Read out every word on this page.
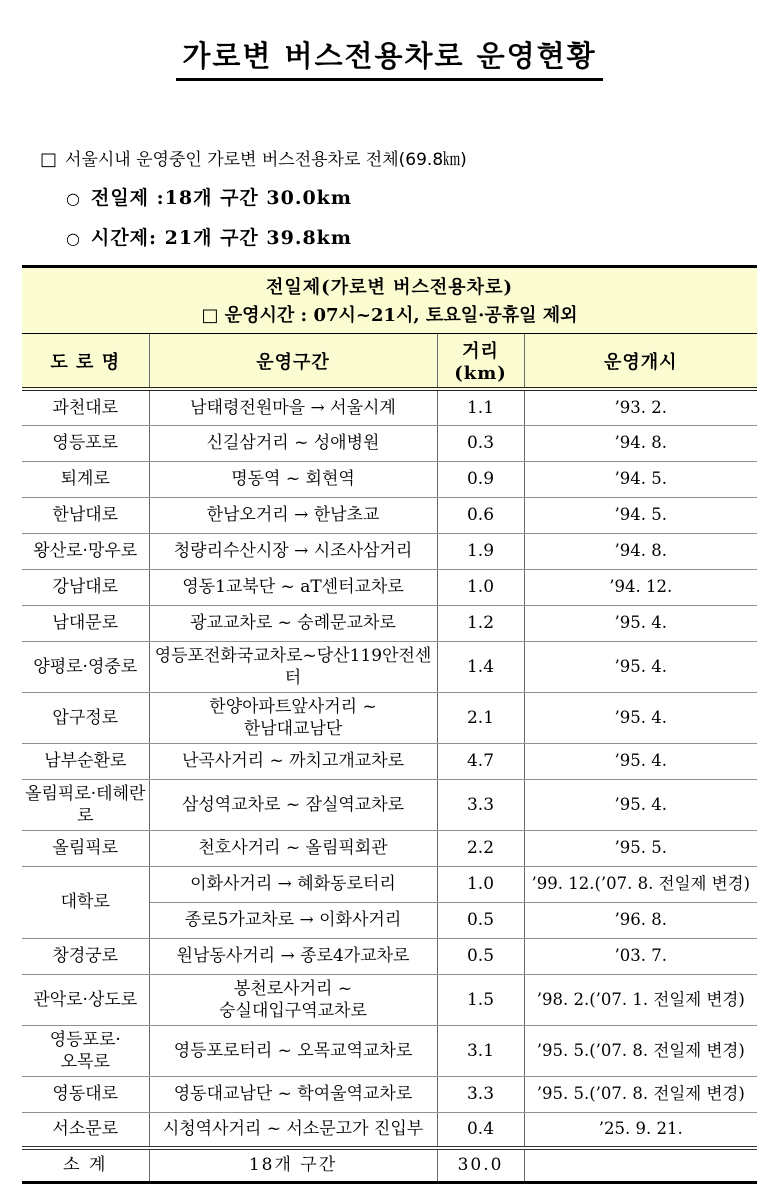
가로변 버스전용차로 운영현황
□ 서울시내 운영중인 가로변 버스전용차로 전체(69.8㎞)
○ 전일제 :18개 구간 30.0km
○ 시간제: 21개 구간 39.8km
전일제(가로변 버스전용차로)
□ 운영시간 : 07시~21시, 토요일·공휴일 제외			

도 로 명	운영구간	거리(km)	운영개시
과천대로	남태령전원마을 → 서울시계	1.1	’93. 2.
영등포로	신길삼거리 ~ 성애병원	0.3	’94. 8.
퇴계로	명동역 ~ 회현역	0.9	’94. 5.
한남대로	한남오거리 → 한남초교	0.6	’94. 5.
왕산로·망우로	청량리수산시장 → 시조사삼거리	1.9	’94. 8.
강남대로	영동1교북단 ~ aT센터교차로	1.0	’94. 12.
남대문로	광교교차로 ~ 숭례문교차로	1.2	’95. 4.
양평로·영중로	영등포전화국교차로~당산119안전센터	1.4	’95. 4.
압구정로	한양아파트앞사거리 ~
한남대교남단	2.1	’95. 4.
남부순환로	난곡사거리 ~ 까치고개교차로	4.7	’95. 4.
올림픽로·테헤란로	삼성역교차로 ~ 잠실역교차로	3.3	’95. 4.
올림픽로	천호사거리 ~ 올림픽회관	2.2	’95. 5.
대학로	이화사거리 → 혜화동로터리	1.0	’99. 12.(’07. 8. 전일제 변경)
	종로5가교차로 → 이화사거리	0.5	’96. 8.
창경궁로	원남동사거리 → 종로4가교차로	0.5	’03. 7.
관악로·상도로	봉천로사거리 ~
숭실대입구역교차로	1.5	’98. 2.(’07. 1. 전일제 변경)
영등포로·
오목로	영등포로터리 ~ 오목교역교차로	3.1	’95. 5.(’07. 8. 전일제 변경)
영동대로	영동대교남단 ~ 학여울역교차로	3.3	’95. 5.(’07. 8. 전일제 변경)
서소문로	시청역사거리 ~ 서소문고가 진입부	0.4	’25. 9. 21.
소 계	18개 구간	30.0	
